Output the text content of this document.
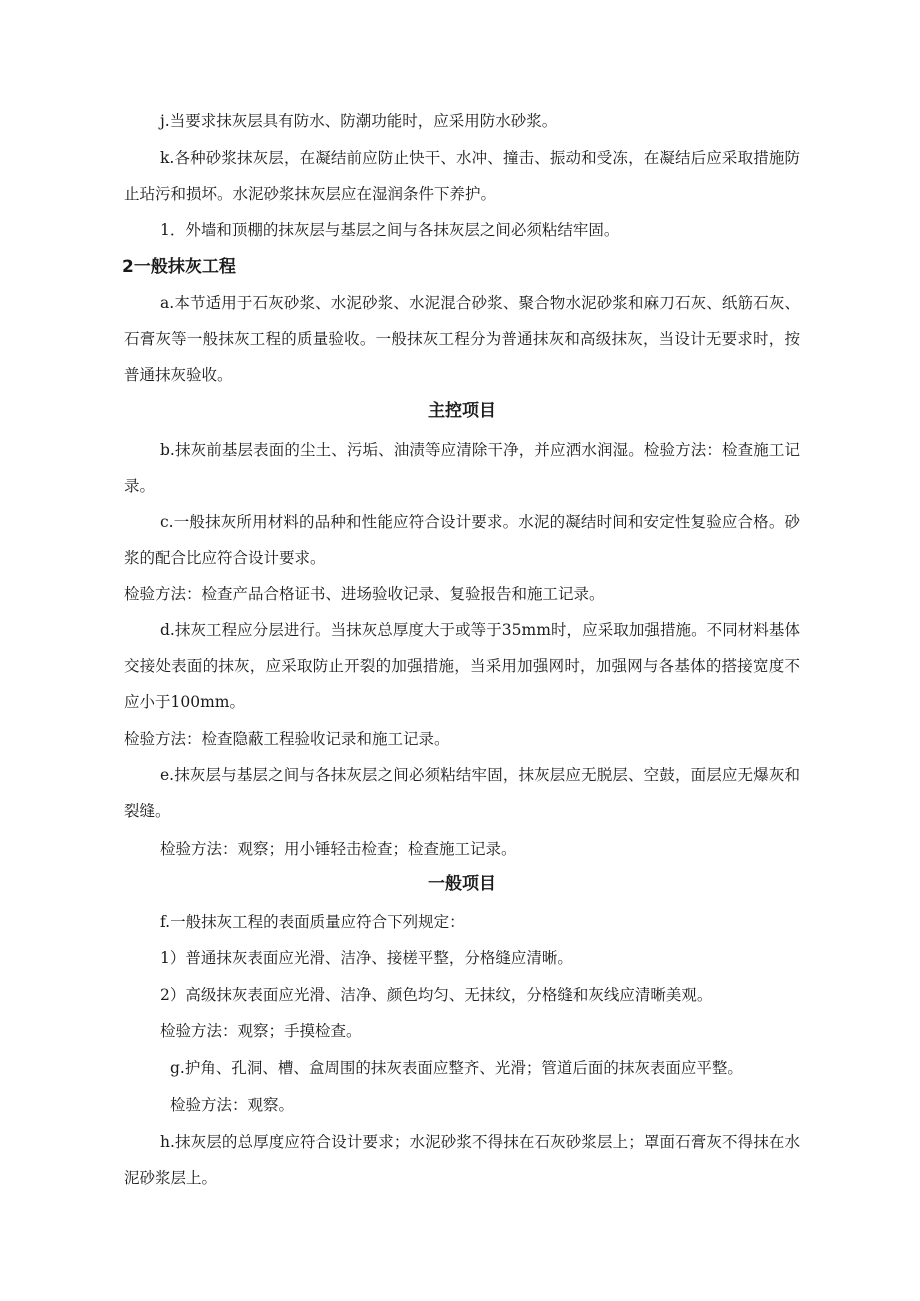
j.当要求抹灰层具有防水、防潮功能时，应采用防水砂浆。

k.各种砂浆抹灰层，在凝结前应防止快干、水冲、撞击、振动和受冻，在凝结后应采取措施防止玷污和损坏。水泥砂浆抹灰层应在湿润条件下养护。

1．外墙和顶棚的抹灰层与基层之间与各抹灰层之间必须粘结牢固。

2一般抹灰工程

a.本节适用于石灰砂浆、水泥砂浆、水泥混合砂浆、聚合物水泥砂浆和麻刀石灰、纸筋石灰、石膏灰等一般抹灰工程的质量验收。一般抹灰工程分为普通抹灰和高级抹灰，当设计无要求时，按普通抹灰验收。

主控项目

b.抹灰前基层表面的尘土、污垢、油渍等应清除干净，并应洒水润湿。检验方法：检查施工记录。

c.一般抹灰所用材料的品种和性能应符合设计要求。水泥的凝结时间和安定性复验应合格。砂浆的配合比应符合设计要求。

检验方法：检查产品合格证书、进场验收记录、复验报告和施工记录。

d.抹灰工程应分层进行。当抹灰总厚度大于或等于35mm时，应采取加强措施。不同材料基体交接处表面的抹灰，应采取防止开裂的加强措施，当采用加强网时，加强网与各基体的搭接宽度不应小于100mm。

检验方法：检查隐蔽工程验收记录和施工记录。

e.抹灰层与基层之间与各抹灰层之间必须粘结牢固，抹灰层应无脱层、空鼓，面层应无爆灰和裂缝。

检验方法：观察；用小锤轻击检查；检查施工记录。

一般项目

f.一般抹灰工程的表面质量应符合下列规定：

1）普通抹灰表面应光滑、洁净、接槎平整，分格缝应清晰。

2）高级抹灰表面应光滑、洁净、颜色均匀、无抹纹，分格缝和灰线应清晰美观。

检验方法：观察；手摸检查。

g.护角、孔洞、槽、盒周围的抹灰表面应整齐、光滑；管道后面的抹灰表面应平整。

检验方法：观察。

h.抹灰层的总厚度应符合设计要求；水泥砂浆不得抹在石灰砂浆层上；罩面石膏灰不得抹在水泥砂浆层上。
